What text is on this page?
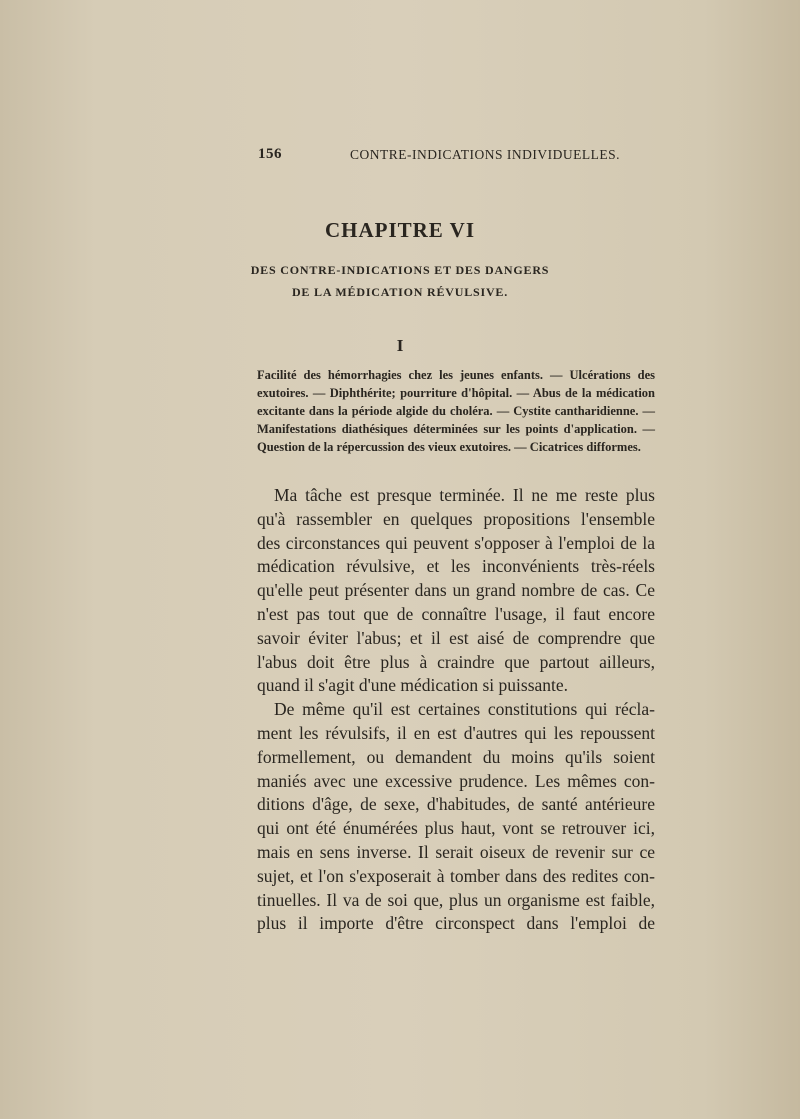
156	CONTRE-INDICATIONS INDIVIDUELLES.
CHAPITRE VI
DES CONTRE-INDICATIONS ET DES DANGERS
DE LA MÉDICATION RÉVULSIVE.
I

Facilité des hémorrhagies chez les jeunes enfants. — Ulcérations des exutoires. — Diphthérite; pourriture d'hôpital. — Abus de la médication excitante dans la période algide du choléra. — Cystite cantharidienne. — Manifestations diathésiques déterminées sur les points d'application. — Question de la répercussion des vieux exutoires. — Cicatrices difformes.

Ma tâche est presque terminée. Il ne me reste plus
qu'à rassembler en quelques propositions l'ensemble
des circonstances qui peuvent s'opposer à l'emploi de la
médication révulsive, et les inconvénients très-réels
qu'elle peut présenter dans un grand nombre de cas. Ce
n'est pas tout que de connaître l'usage, il faut encore
savoir éviter l'abus; et il est aisé de comprendre que
l'abus doit être plus à craindre que partout ailleurs,
quand il s'agit d'une médication si puissante.
De même qu'il est certaines constitutions qui récla-
ment les révulsifs, il en est d'autres qui les repoussent
formellement, ou demandent du moins qu'ils soient
maniés avec une excessive prudence. Les mêmes con-
ditions d'âge, de sexe, d'habitudes, de santé antérieure
qui ont été énumérées plus haut, vont se retrouver ici,
mais en sens inverse. Il serait oiseux de revenir sur ce
sujet, et l'on s'exposerait à tomber dans des redites con-
tinuelles. Il va de soi que, plus un organisme est faible,
plus il importe d'être circonspect dans l'emploi de
